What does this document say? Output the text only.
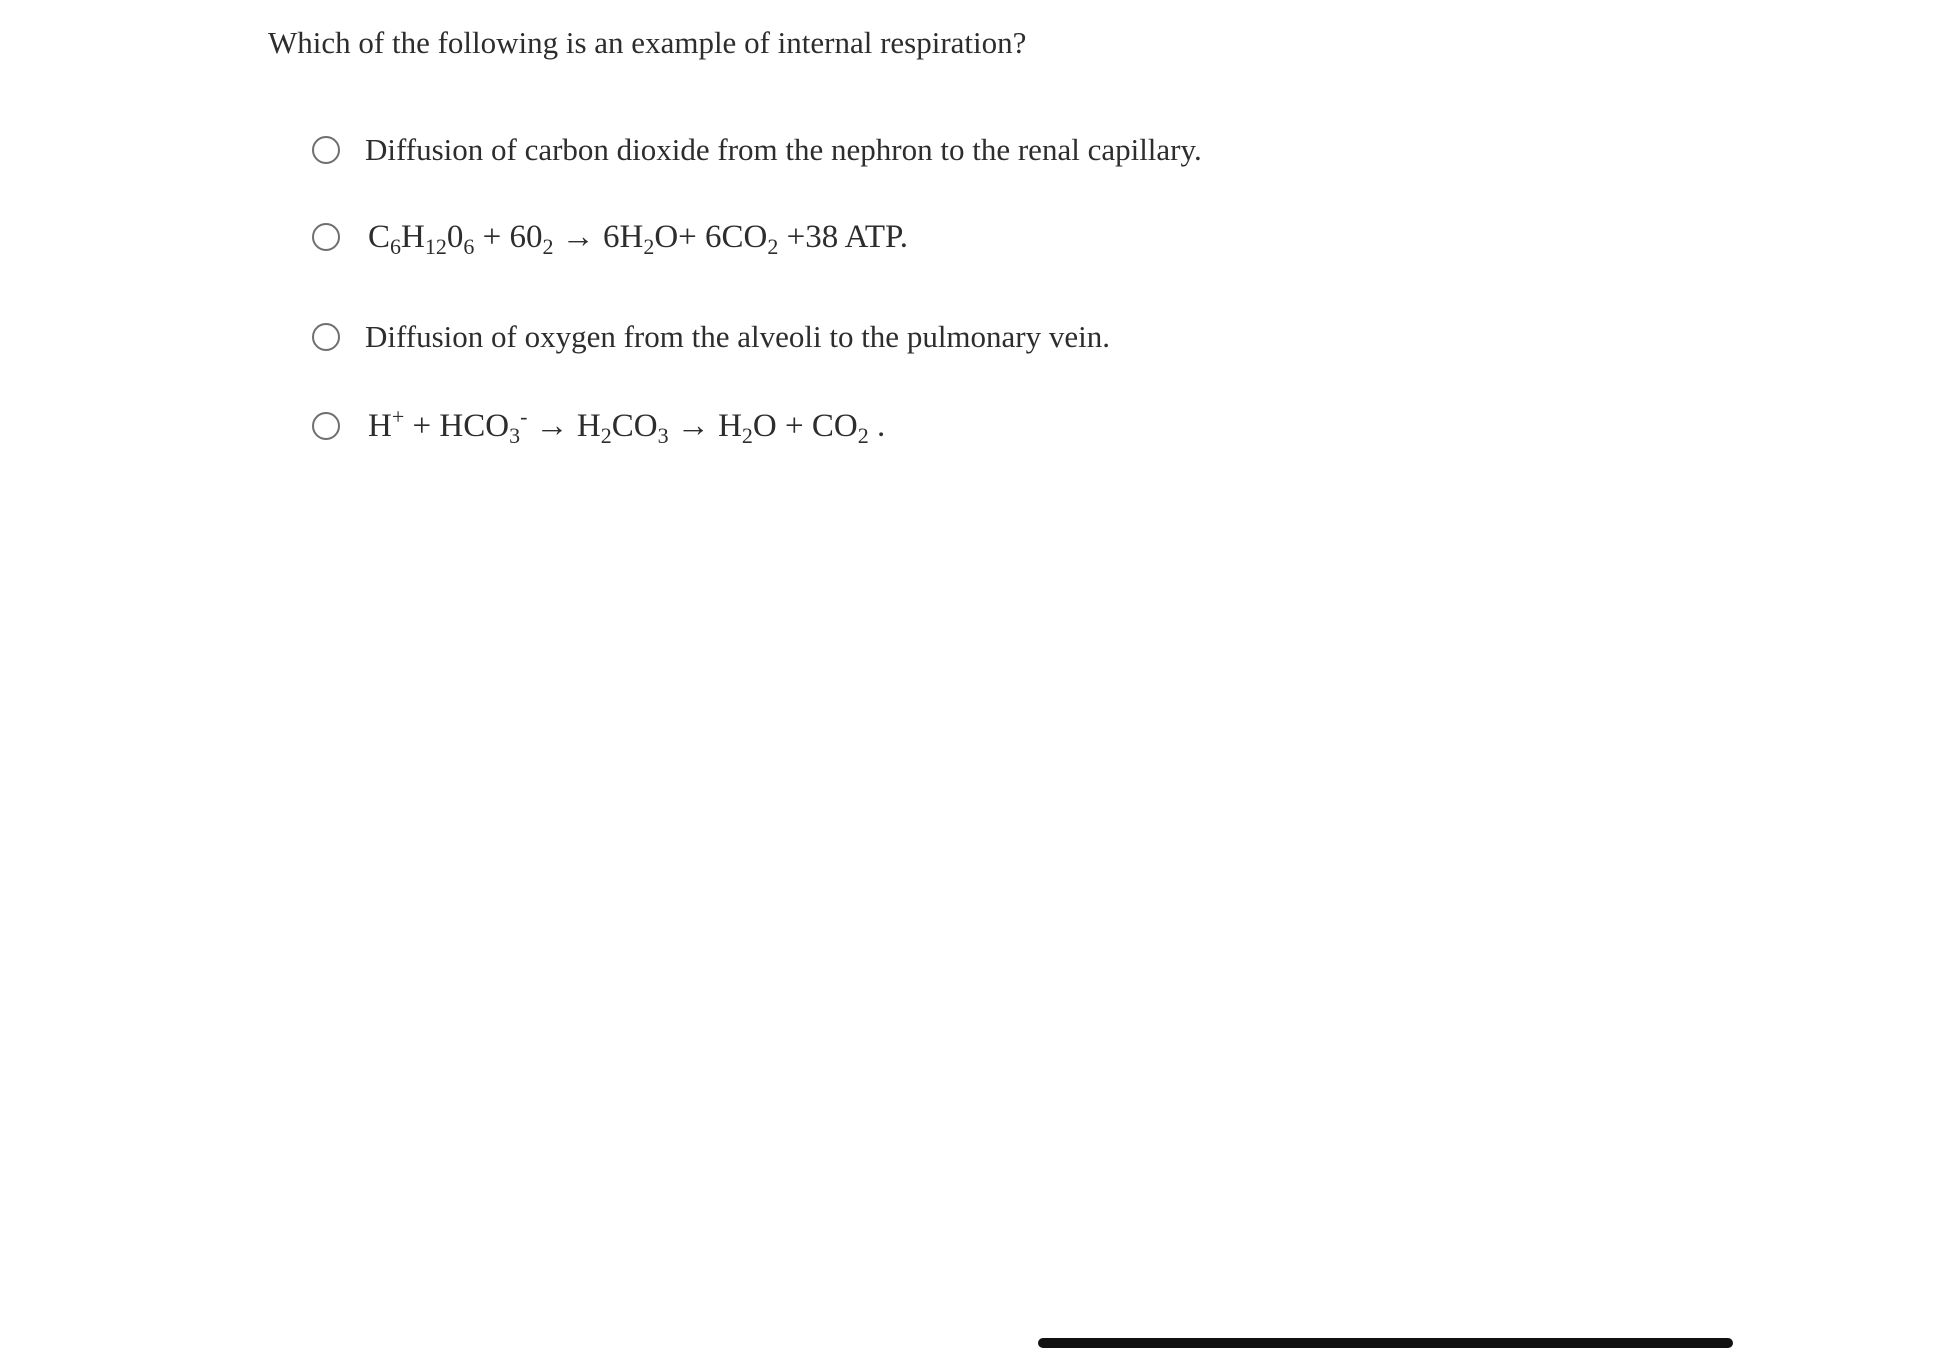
Which of the following is an example of internal respiration?
Diffusion of carbon dioxide from the nephron to the renal capillary.
$C_6H_{12}0_6 + 60_2 \to 6H_2O+ 6CO_2 +38$ ATP.
Diffusion of oxygen from the alveoli to the pulmonary vein.
$H^+ + HCO_3^- \to H_2CO_3 \to H_2O + CO_2$ .
